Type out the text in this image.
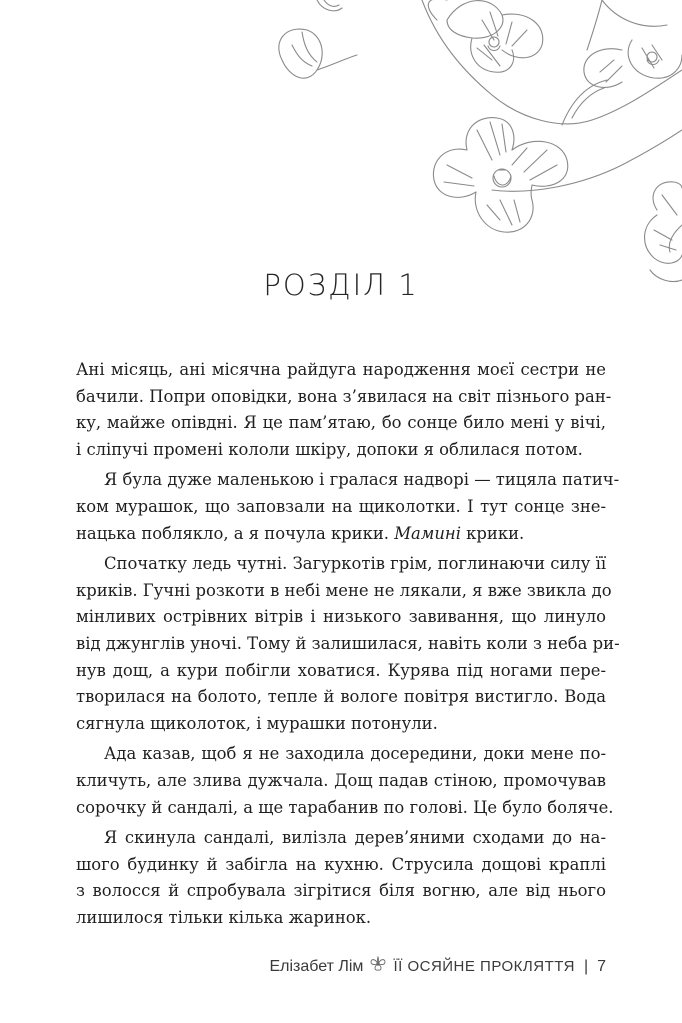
РОЗДІЛ 1
Ані місяць, ані місячна райдуга народження моєї сестри не
бачили. Попри оповідки, вона з’явилася на світ пізнього ран-
ку, майже опівдні. Я це пам’ятаю, бо сонце било мені у вічі,
і сліпучі промені кололи шкіру, допоки я облилася потом.
Я була дуже маленькою і гралася надворі — тицяла патич-
ком мурашок, що заповзали на щиколотки. І тут сонце зне-
нацька поблякло, а я почула крики. Мамині крики.
Спочатку ледь чутні. Загуркотів грім, поглинаючи силу її
криків. Гучні розкоти в небі мене не лякали, я вже звикла до
мінливих острівних вітрів і низького завивання, що линуло
від джунглів уночі. Тому й залишилася, навіть коли з неба ри-
нув дощ, а кури побігли ховатися. Курява під ногами пере-
творилася на болото, тепле й вологе повітря вистигло. Вода
сягнула щиколоток, і мурашки потонули.
Ада казав, щоб я не заходила досередини, доки мене по-
кличуть, але злива дужчала. Дощ падав стіною, промочував
сорочку й сандалі, а ще тарабанив по голові. Це було боляче.
Я скинула сандалі, вилізла дерев’яними сходами до на-
шого будинку й забігла на кухню. Струсила дощові краплі
з волосся й спробувала зігрітися біля вогню, але від нього
лишилося тільки кілька жаринок.
Елізабет Лім ЇЇ ОСЯЙНЕ ПРОКЛЯТТЯ | 7
